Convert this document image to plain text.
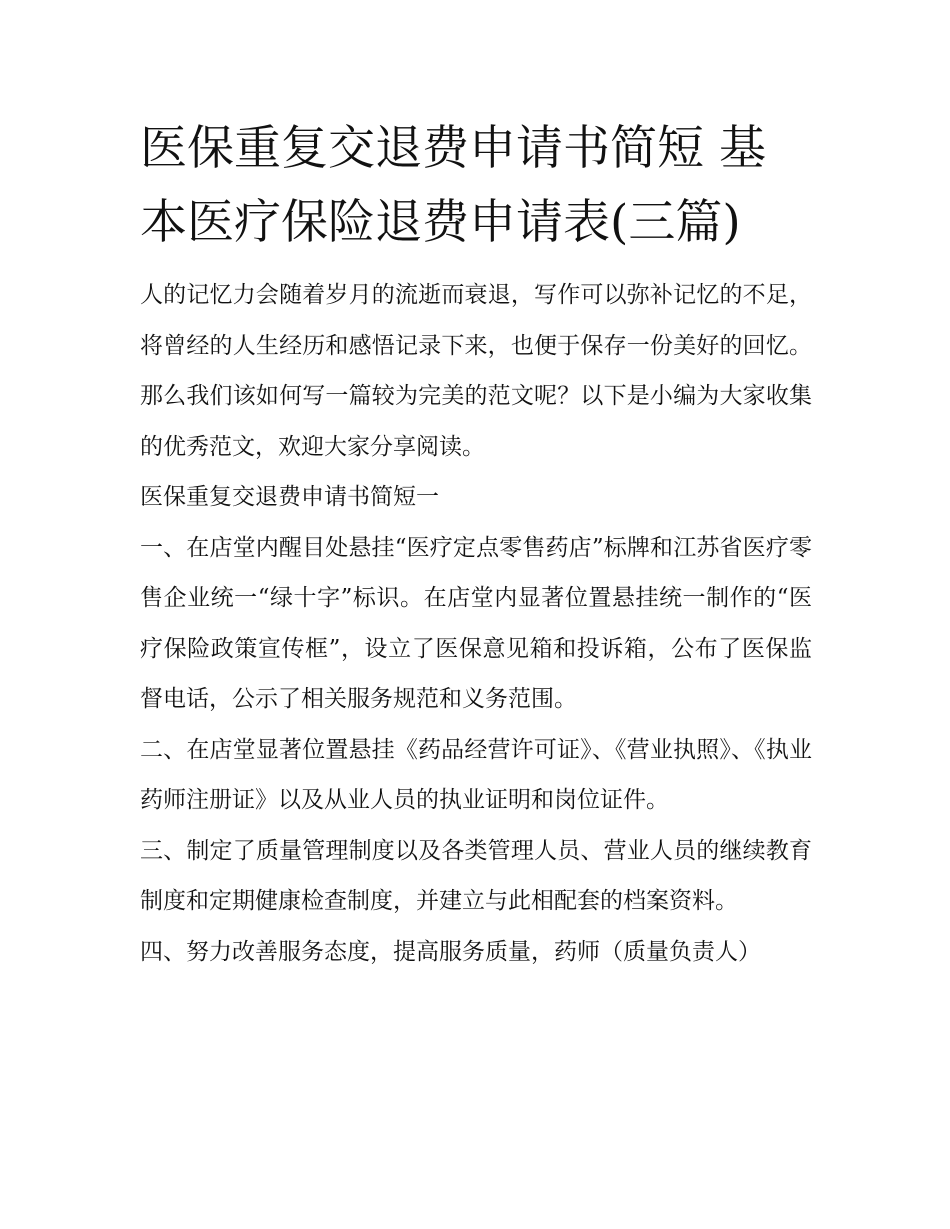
医保重复交退费申请书简短 基本医疗保险退费申请表(三篇)

人的记忆力会随着岁月的流逝而衰退，写作可以弥补记忆的不足，将曾经的人生经历和感悟记录下来，也便于保存一份美好的回忆。那么我们该如何写一篇较为完美的范文呢？以下是小编为大家收集的优秀范文，欢迎大家分享阅读。

医保重复交退费申请书简短一

一、在店堂内醒目处悬挂“医疗定点零售药店”标牌和江苏省医疗零售企业统一“绿十字”标识。在店堂内显著位置悬挂统一制作的“医疗保险政策宣传框”，设立了医保意见箱和投诉箱，公布了医保监督电话，公示了相关服务规范和义务范围。

二、在店堂显著位置悬挂《药品经营许可证》、《营业执照》、《执业药师注册证》以及从业人员的执业证明和岗位证件。

三、制定了质量管理制度以及各类管理人员、营业人员的继续教育制度和定期健康检查制度，并建立与此相配套的档案资料。

四、努力改善服务态度，提高服务质量，药师（质量负责人）
